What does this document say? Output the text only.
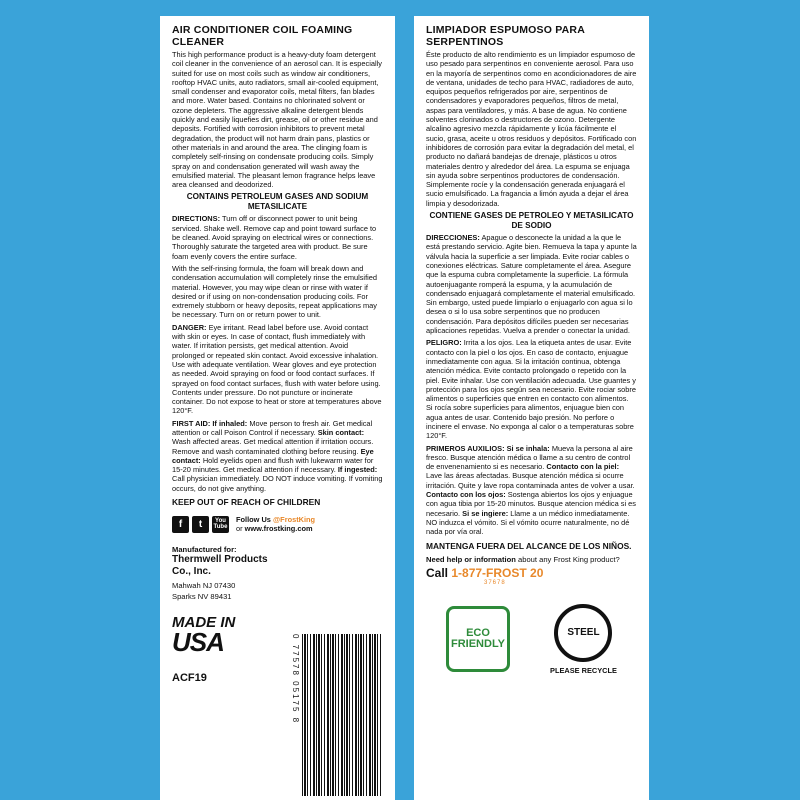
AIR CONDITIONER COIL FOAMING CLEANER

This high performance product is a heavy-duty foam detergent coil cleaner in the convenience of an aerosol can. It is especially suited for use on most coils such as window air conditioners, rooftop HVAC units, auto radiators, small air-cooled equipment, small condenser and evaporator coils, metal filters, fan blades and more. Water based. Contains no chlorinated solvent or ozone depleters. The aggressive alkaline detergent blends quickly and easily liquefies dirt, grease, oil or other residue and deposits. Fortified with corrosion inhibitors to prevent metal degradation, the product will not harm drain pans, plastics or other materials in and around the area. The clinging foam is completely self-rinsing on condensate producing coils. Simply spray on and condensation generated will wash away the emulsified material. The pleasant lemon fragrance helps leave area cleansed and deodorized.

CONTAINS PETROLEUM GASES AND SODIUM METASILICATE

DIRECTIONS: Turn off or disconnect power to unit being serviced. Shake well. Remove cap and point toward surface to be cleaned. Avoid spraying on electrical wires or connections. Thoroughly saturate the targeted area with product. Be sure foam evenly covers the entire surface.

With the self-rinsing formula, the foam will break down and condensation accumulation will completely rinse the emulsified material. However, you may wipe clean or rinse with water if desired or if using on non-condensation producing coils. For extremely stubborn or heavy deposits, repeat applications may be necessary. Turn on or return power to unit.

DANGER: Eye irritant. Read label before use. Avoid contact with skin or eyes. In case of contact, flush immediately with water. If irritation persists, get medical attention. Avoid prolonged or repeated skin contact. Avoid excessive inhalation. Use with adequate ventilation. Wear gloves and eye protection as needed. Avoid spraying on food or food contact surfaces. If sprayed on food contact surfaces, flush with water before using. Contents under pressure. Do not puncture or incinerate container. Do not expose to heat or store at temperatures above 120°F.

FIRST AID: If inhaled: Move person to fresh air. Get medical attention or call Poison Control if necessary. Skin contact: Wash affected areas. Get medical attention if irritation occurs. Remove and wash contaminated clothing before reusing. Eye contact: Hold eyelids open and flush with lukewarm water for 15-20 minutes. Get medical attention if necessary. If ingested: Call physician immediately. DO NOT induce vomiting. If vomiting occurs, do not give anything.

KEEP OUT OF REACH OF CHILDREN
f	t	You
Tube
Follow Us @FrostKing
or www.frostking.com
Manufactured for:
Thermwell Products Co., Inc.
Mahwah NJ 07430
Sparks NV 89431
MADE IN
USA
ACF19	0 77578 05175 8
LIMPIADOR ESPUMOSO PARA SERPENTINOS

Éste producto de alto rendimiento es un limpiador espumoso de uso pesado para serpentinos en conveniente aerosol. Para uso en la mayoría de serpentinos como en acondicionadores de aire de ventana, unidades de techo para HVAC, radiadores de auto, equipos pequeños refrigerados por aire, serpentinos de condensadores y evaporadores pequeños, filtros de metal, aspas para ventiladores, y más. A base de agua. No contiene solventes clorinados o destructores de ozono. Detergente alcalino agresivo mezcla rápidamente y licúa fácilmente el sucio, grasa, aceite u otros residuos y depósitos. Fortificado con inhibidores de corrosión para evitar la degradación del metal, el producto no dañará bandejas de drenaje, plásticos u otros materiales dentro y alrededor del área. La espuma se enjuaga sin ayuda sobre serpentinos productores de condensación. Simplemente rocíe y la condensación generada enjuagará el sucio emulsificado. La fragancia a limón ayuda a dejar el área limpia y desodorizada.

CONTIENE GASES DE PETROLEO Y METASILICATO DE SODIO

DIRECCIONES: Apague o desconecte la unidad a la que le está prestando servicio. Agite bien. Remueva la tapa y apunte la válvula hacia la superficie a ser limpiada. Evite rociar cables o conexiones eléctricas. Sature completamente el área. Asegure que la espuma cubra completamente la superficie. La fórmula autoenjuagante romperá la espuma, y la acumulación de condensado enjuagará completamente el material emulsificado. Sin embargo, usted puede limpiarlo o enjuagarlo con agua si lo desea o si lo usa sobre serpentinos que no producen condensación. Para depósitos difíciles pueden ser necesarias aplicaciones repetidas. Vuelva a prender o conectar la unidad.

PELIGRO: Irrita a los ojos. Lea la etiqueta antes de usar. Evite contacto con la piel o los ojos. En caso de contacto, enjuague inmediatamente con agua. Si la irritación continua, obtenga atención médica. Evite contacto prolongado o repetido con la piel. Evite inhalar. Use con ventilación adecuada. Use guantes y protección para los ojos según sea necesario. Evite rociar sobre alimentos o superficies que entren en contacto con alimentos. Si rocía sobre superficies para alimentos, enjuague bien con agua antes de usar. Contenido bajo presión. No perfore o incinere el envase. No exponga al calor o a temperaturas sobre 120°F.

PRIMEROS AUXILIOS: Si se inhala: Mueva la persona al aire fresco. Busque atención médica o llame a su centro de control de envenenamiento si es necesario. Contacto con la piel: Lave las áreas afectadas. Busque atención médica si ocurre irritación. Quite y lave ropa contaminada antes de volver a usar. Contacto con los ojos: Sostenga abiertos los ojos y enjuague con agua tibia por 15-20 minutos. Busque atencion médica si es necesario. Si se ingiere: Llame a un médico inmediatamente. NO induzca el vómito. Si el vómito ocurre naturalmente, no dé nada por vía oral.

MANTENGA FUERA DEL ALCANCE DE LOS NIÑOS.
Need help or information about any Frost King product?
Call 1-877-FROST 20
37678
ECO FRIENDLY
STEEL
PLEASE RECYCLE
